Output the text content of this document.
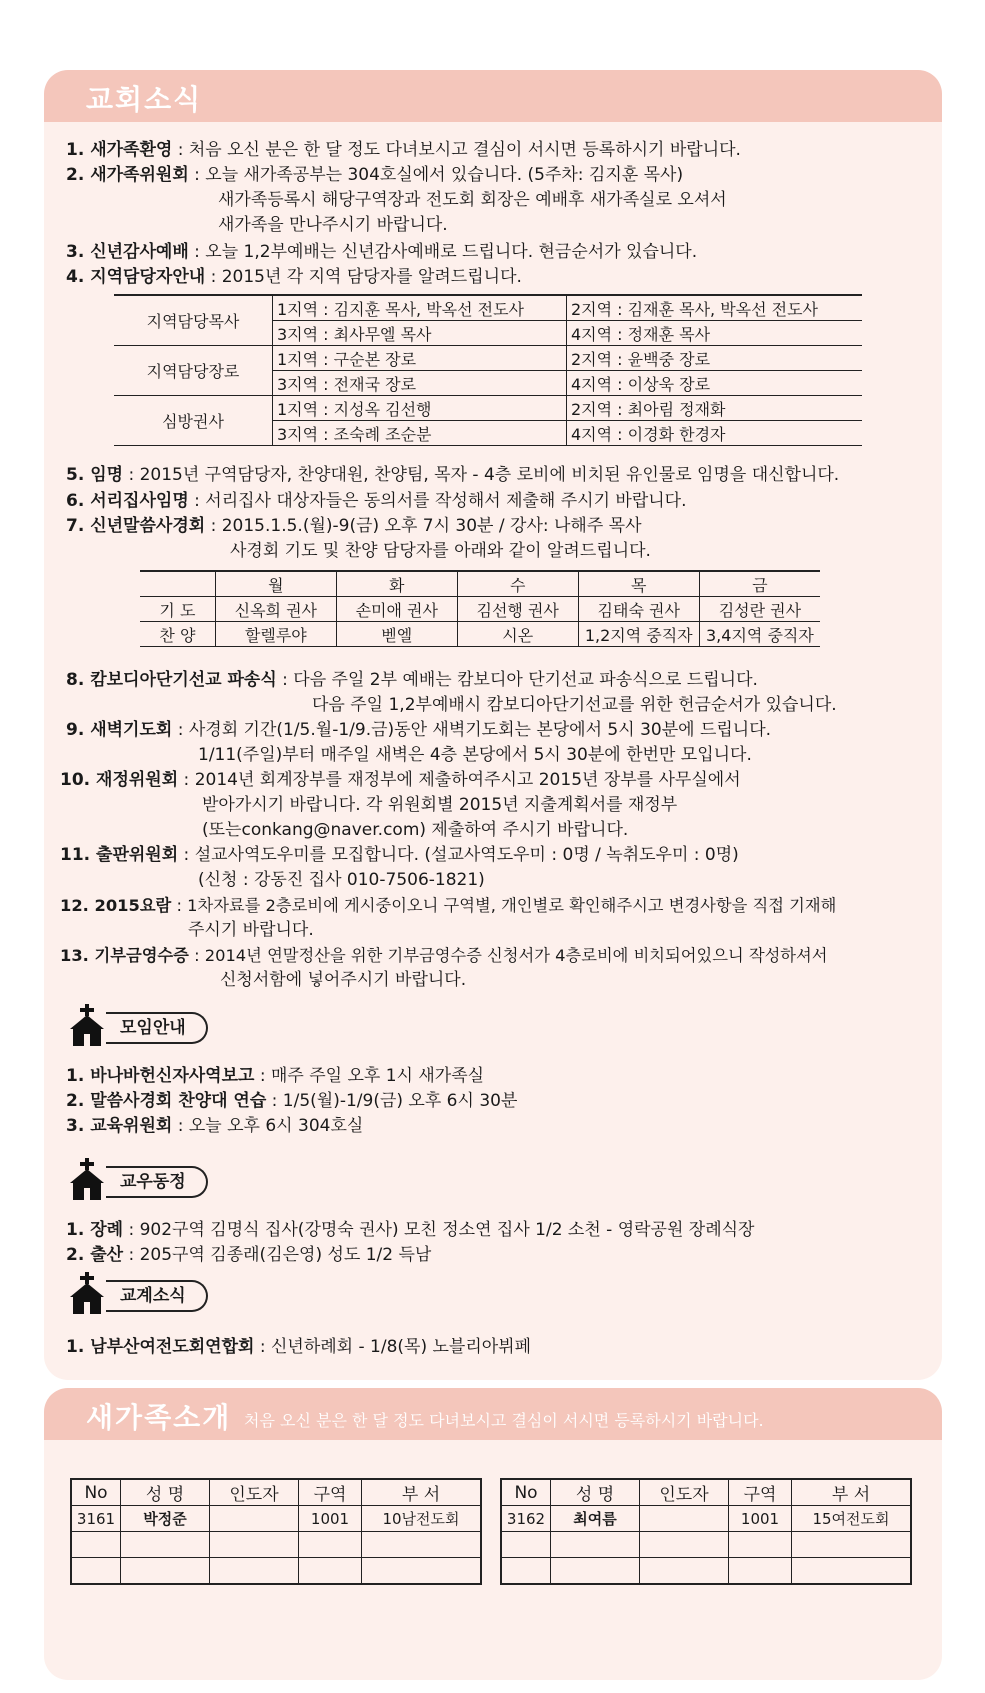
교회소식
1. 새가족환영 : 처음 오신 분은 한 달 정도 다녀보시고 결심이 서시면 등록하시기 바랍니다.
2. 새가족위원회 : 오늘 새가족공부는 304호실에서 있습니다. (5주차: 김지훈 목사)
새가족등록시 해당구역장과 전도회 회장은 예배후 새가족실로 오셔서
새가족을 만나주시기 바랍니다.
3. 신년감사예배 : 오늘 1,2부예배는 신년감사예배로 드립니다. 현금순서가 있습니다.
4. 지역담당자안내 : 2015년 각 지역 담당자를 알려드립니다.
지역담당목사	1지역 : 김지훈 목사, 박옥선 전도사	2지역 : 김재훈 목사, 박옥선 전도사
	3지역 : 최사무엘 목사	4지역 : 정재훈 목사
지역담당장로	1지역 : 구순본 장로	2지역 : 윤백중 장로
	3지역 : 전재국 장로	4지역 : 이상욱 장로
심방권사	1지역 : 지성옥 김선행	2지역 : 최아림 정재화
	3지역 : 조숙례 조순분	4지역 : 이경화 한경자
5. 임명 : 2015년 구역담당자, 찬양대원, 찬양팀, 목자 - 4층 로비에 비치된 유인물로 임명을 대신합니다.
6. 서리집사임명 : 서리집사 대상자들은 동의서를 작성해서 제출해 주시기 바랍니다.
7. 신년말씀사경회 : 2015.1.5.(월)-9(금) 오후 7시 30분 / 강사: 나해주 목사
사경회 기도 및 찬양 담당자를 아래와 같이 알려드립니다.
	월	화	수	목	금
기 도	신옥희 권사	손미애 권사	김선행 권사	김태숙 권사	김성란 권사
찬 양	할렐루야	벧엘	시온	1,2지역 중직자	3,4지역 중직자
8. 캄보디아단기선교 파송식 : 다음 주일 2부 예배는 캄보디아 단기선교 파송식으로 드립니다.
다음 주일 1,2부예배시 캄보디아단기선교를 위한 헌금순서가 있습니다.
9. 새벽기도회 : 사경회 기간(1/5.월-1/9.금)동안 새벽기도회는 본당에서 5시 30분에 드립니다.
1/11(주일)부터 매주일 새벽은 4층 본당에서 5시 30분에 한번만 모입니다.
10. 재정위원회 : 2014년 회계장부를 재정부에 제출하여주시고 2015년 장부를 사무실에서
받아가시기 바랍니다. 각 위원회별 2015년 지출계획서를 재정부
(또는conkang@naver.com) 제출하여 주시기 바랍니다.
11. 출판위원회 : 설교사역도우미를 모집합니다. (설교사역도우미 : 0명 / 녹취도우미 : 0명)
(신청 : 강동진 집사 010-7506-1821)
12. 2015요람 : 1차자료를 2층로비에 게시중이오니 구역별, 개인별로 확인해주시고 변경사항을 직접 기재해
주시기 바랍니다.
13. 기부금영수증 : 2014년 연말정산을 위한 기부금영수증 신청서가 4층로비에 비치되어있으니 작성하셔서
신청서함에 넣어주시기 바랍니다.
모임안내
1. 바나바헌신자사역보고 : 매주 주일 오후 1시 새가족실
2. 말씀사경회 찬양대 연습 : 1/5(월)-1/9(금) 오후 6시 30분
3. 교육위원회 : 오늘 오후 6시 304호실
교우동정
1. 장례 : 902구역 김명식 집사(강명숙 권사) 모친 정소연 집사 1/2 소천 - 영락공원 장례식장
2. 출산 : 205구역 김종래(김은영) 성도 1/2 득남
교계소식
1. 남부산여전도회연합회 : 신년하례회 - 1/8(목) 노블리아뷔페
새가족소개 처음 오신 분은 한 달 정도 다녀보시고 결심이 서시면 등록하시기 바랍니다.
No	성 명	인도자	구역	부 서
3161	박정준		1001	10남전도회

No	성 명	인도자	구역	부 서
3162	최여름		1001	15여전도회
